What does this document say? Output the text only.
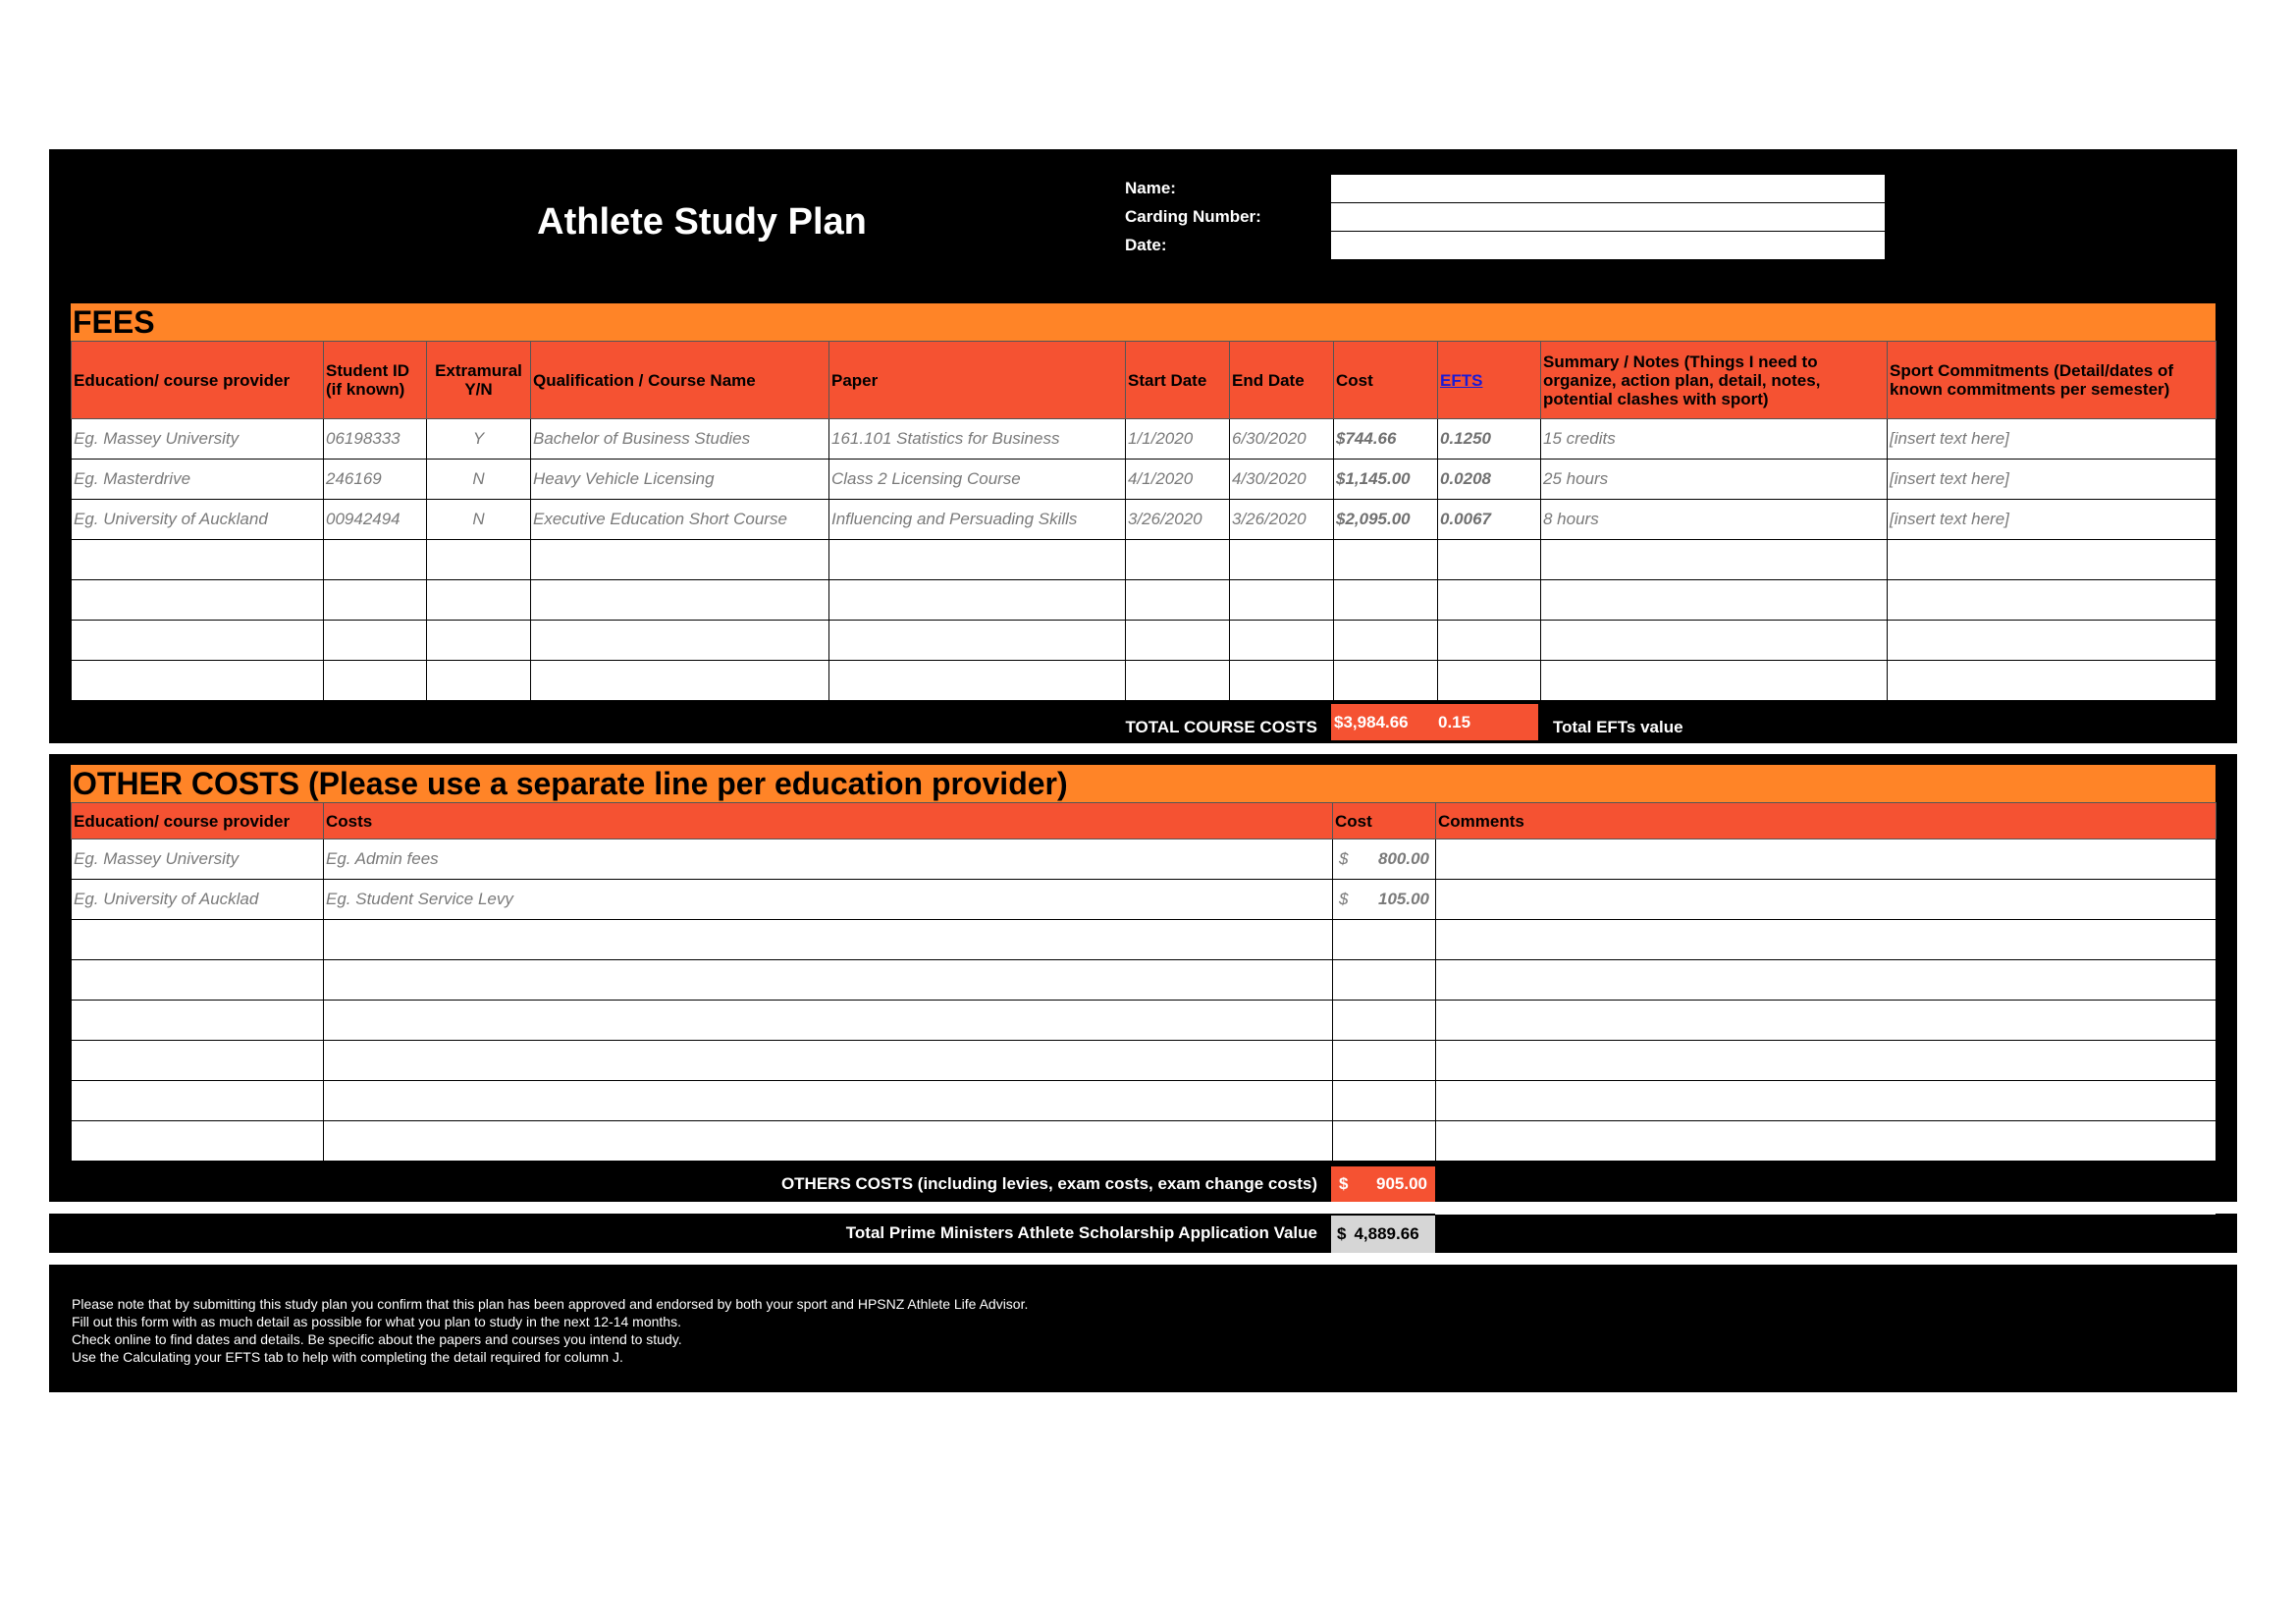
Athlete Study Plan
Name:
Carding Number:
Date:
FEES
Education/ course provider	Student ID (if known)	Extramural Y/N	Qualification / Course Name	Paper	Start Date	End Date	Cost	EFTS	Summary / Notes (Things I need to organize, action plan, detail, notes, potential clashes with sport)	Sport Commitments (Detail/dates of known commitments per semester)
Eg. Massey University	06198333	Y	Bachelor of Business Studies	161.101 Statistics for Business	1/1/2020	6/30/2020	$744.66	0.1250	15 credits	[insert text here]
Eg. Masterdrive	246169	N	Heavy Vehicle Licensing	Class 2 Licensing Course	4/1/2020	4/30/2020	$1,145.00	0.0208	25 hours	[insert text here]
Eg. University of Auckland	00942494	N	Executive Education Short Course	Influencing and Persuading Skills	3/26/2020	3/26/2020	$2,095.00	0.0067	8 hours	[insert text here]

TOTAL COURSE COSTS $3,984.66	0.15	Total EFTs value
OTHER COSTS (Please use a separate line per education provider)
Education/ course provider	Costs	Cost	Comments
Eg. Massey University	Eg. Admin fees	$ 800.00	

Eg. University of Aucklad	Eg. Student Service Levy	$ 105.00	

OTHERS COSTS (including levies, exam costs, exam change costs) $ 905.00
Total Prime Ministers Athlete Scholarship Application Value $ 4,889.66
Please note that by submitting this study plan you confirm that this plan has been approved and endorsed by both your sport and HPSNZ Athlete Life Advisor.
Fill out this form with as much detail as possible for what you plan to study in the next 12-14 months.
Check online to find dates and details. Be specific about the papers and courses you intend to study.
Use the Calculating your EFTS tab to help with completing the detail required for column J.
